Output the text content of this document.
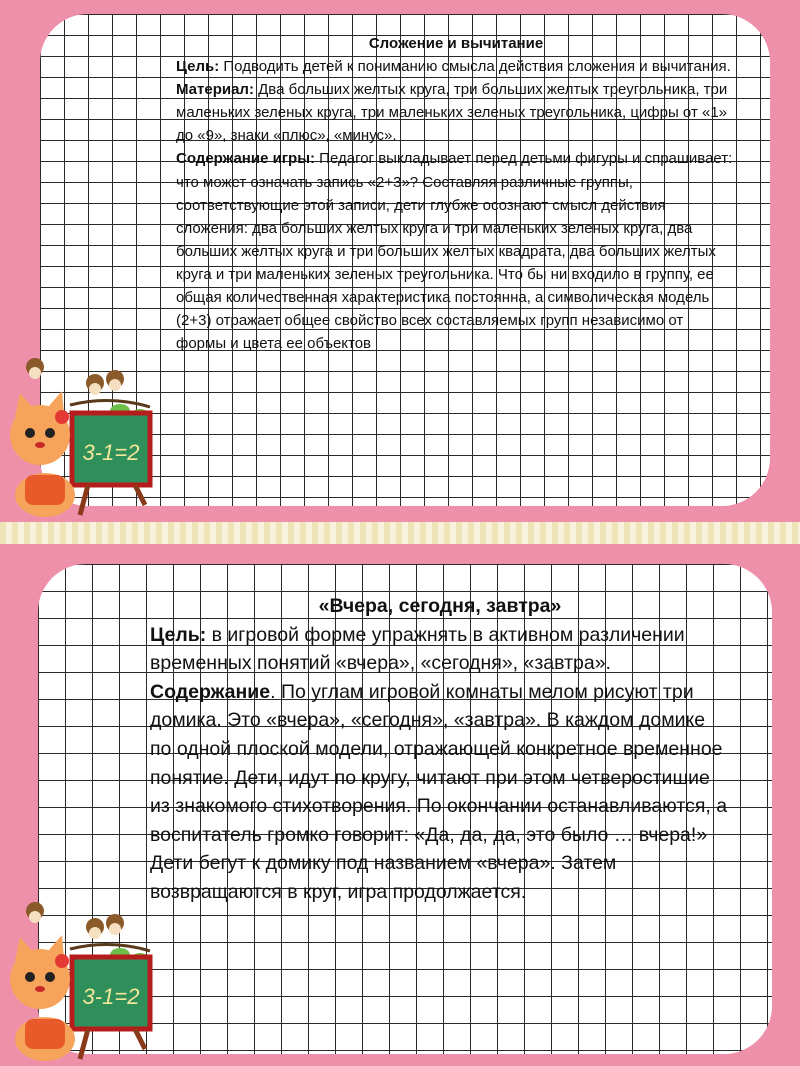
Сложение и вычитание

Цель: Подводить детей к пониманию смысла действия сложения и вычитания.

Материал: Два больших желтых круга, три больших желтых треугольника, три маленьких зеленых круга, три маленьких зеленых треугольника, цифры от «1» до «9», знаки «плюс», «минус».

Содержание игры: Педагог выкладывает перед детьми фигуры и спрашивает: что может означать запись «2+3»? Составляя различные группы, соответствующие этой записи, дети глубже осознают смысл действия сложения: два больших желтых круга и три маленьких зеленых круга, два больших желтых круга и три больших желтых квадрата, два больших желтых круга и три маленьких зеленых треугольника. Что бы ни входило в группу, ее общая количественная характеристика постоянна, а символическая модель (2+3) отражает общее свойство всех составляемых групп независимо от формы и цвета ее объектов

3-1=2
«Вчера, сегодня, завтра»

Цель: в игровой форме упражнять в активном различении временных понятий «вчера», «сегодня», «завтра».

Содержание. По углам игровой комнаты мелом рисуют три домика. Это «вчера», «сегодня», «завтра». В каждом домике по одной плоской модели, отражающей конкретное временное понятие. Дети, идут по кругу, читают при этом четверостишие из знакомого стихотворения. По окончании останавливаются, а воспитатель громко говорит: «Да, да, да, это было … вчера!» Дети бегут к домику под названием «вчера». Затем возвращаются в круг, игра продолжается.

3-1=2
